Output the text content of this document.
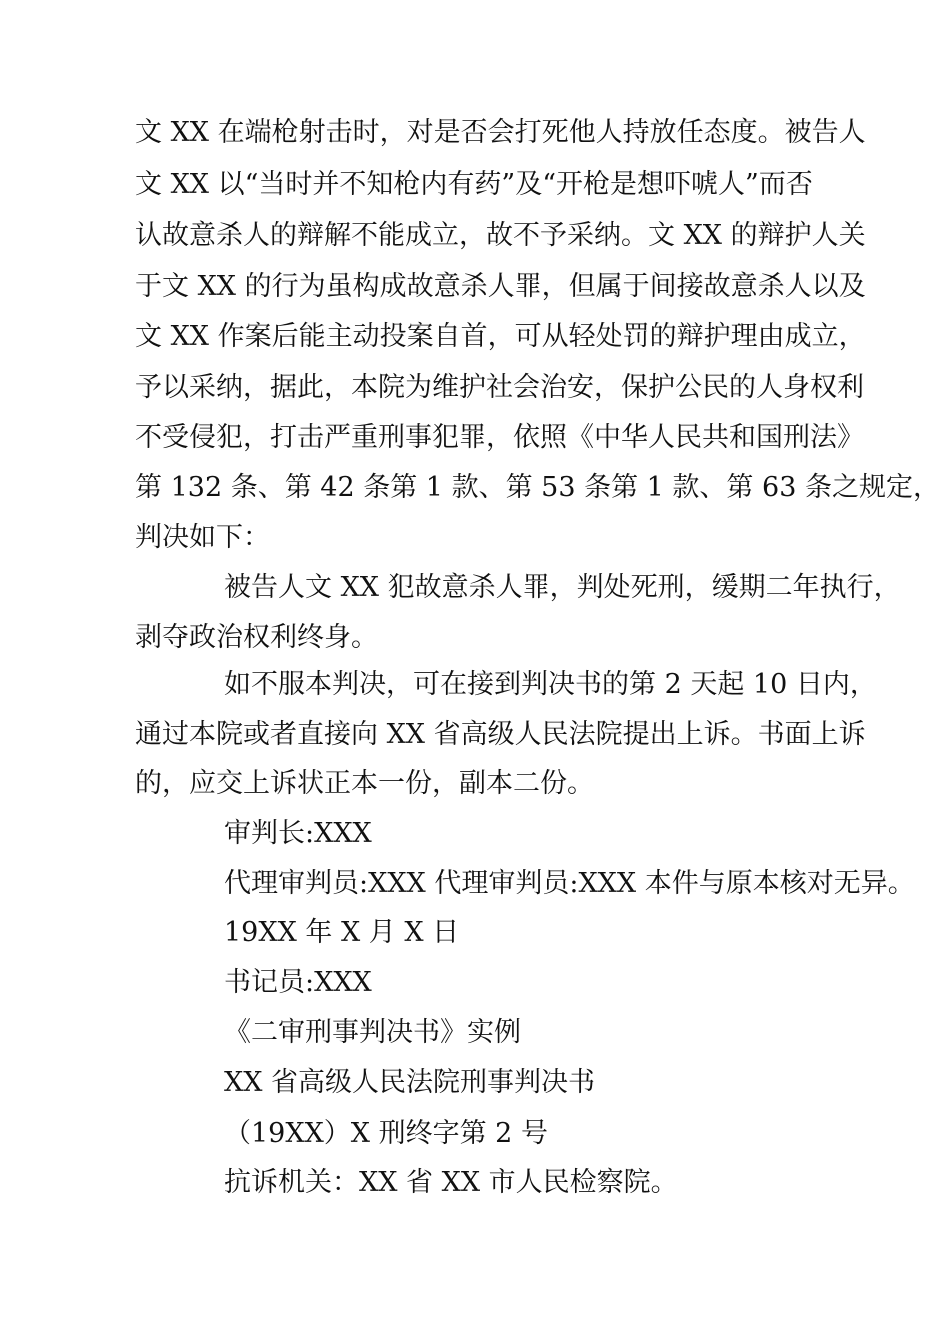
文 XX 在端枪射击时，对是否会打死他人持放任态度。被告人
文 XX 以“当时并不知枪内有药”及“开枪是想吓唬人”而否
认故意杀人的辩解不能成立，故不予采纳。文 XX 的辩护人关
于文 XX 的行为虽构成故意杀人罪，但属于间接故意杀人以及
文 XX 作案后能主动投案自首，可从轻处罚的辩护理由成立，
予以采纳，据此，本院为维护社会治安，保护公民的人身权利
不受侵犯，打击严重刑事犯罪，依照《中华人民共和国刑法》
第 132 条、第 42 条第 1 款、第 53 条第 1 款、第 63 条之规定，
判决如下：
被告人文 XX 犯故意杀人罪，判处死刑，缓期二年执行，
剥夺政治权利终身。
如不服本判决，可在接到判决书的第 2 天起 10 日内，
通过本院或者直接向 XX 省高级人民法院提出上诉。书面上诉
的，应交上诉状正本一份，副本二份。
审判长:XXX
代理审判员:XXX 代理审判员:XXX 本件与原本核对无异。
19XX 年 X 月 X 日
书记员:XXX
《二审刑事判决书》实例
XX 省高级人民法院刑事判决书
（19XX）X 刑终字第 2 号
抗诉机关：XX 省 XX 市人民检察院。
